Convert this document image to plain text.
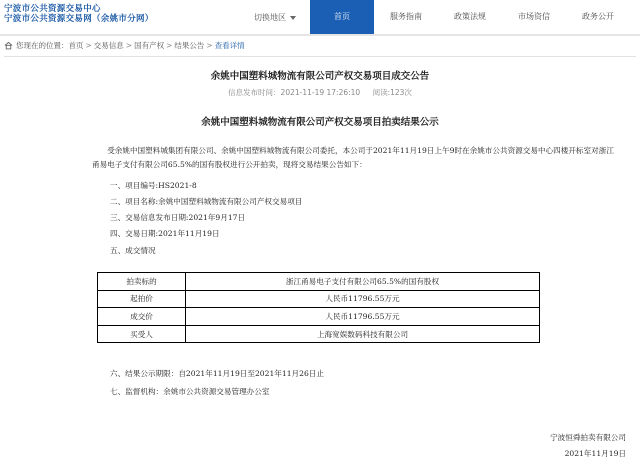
宁波市公共资源交易中心
宁波市公共资源交易网（余姚市分网）	切换地区	首页	服务指南	政策法规	市场资信	政务公开
您现在的位置： 首页 > 交易信息 > 国有产权 > 结果公告 > 查看详情
余姚中国塑料城物流有限公司产权交易项目成交公告
信息发布时间：2021-11-19 17:26:10 阅读:123次
余姚中国塑料城物流有限公司产权交易项目拍卖结果公示
受余姚中国塑料城集团有限公司、余姚中国塑料城物流有限公司委托，本公司于2021年11月19日上午9时在余姚市公共资源交易中心四楼开标室对浙江甬易电子支付有限公司65.5%的国有股权进行公开拍卖，现将交易结果公告如下：
一、项目编号:HS2021-8
二、项目名称:余姚中国塑料城物流有限公司产权交易项目
三、交易信息发布日期:2021年9月17日
四、交易日期:2021年11月19日
五、成交情况
拍卖标的	浙江甬易电子支付有限公司65.5%的国有股权
起拍价	人民币11796.55万元
成交价	人民币11796.55万元
买受人	上海宽娱数码科技有限公司
六、结果公示期限：自2021年11月19日至2021年11月26日止
七、监督机构：余姚市公共资源交易管理办公室
宁波恒舜拍卖有限公司
2021年11月19日
